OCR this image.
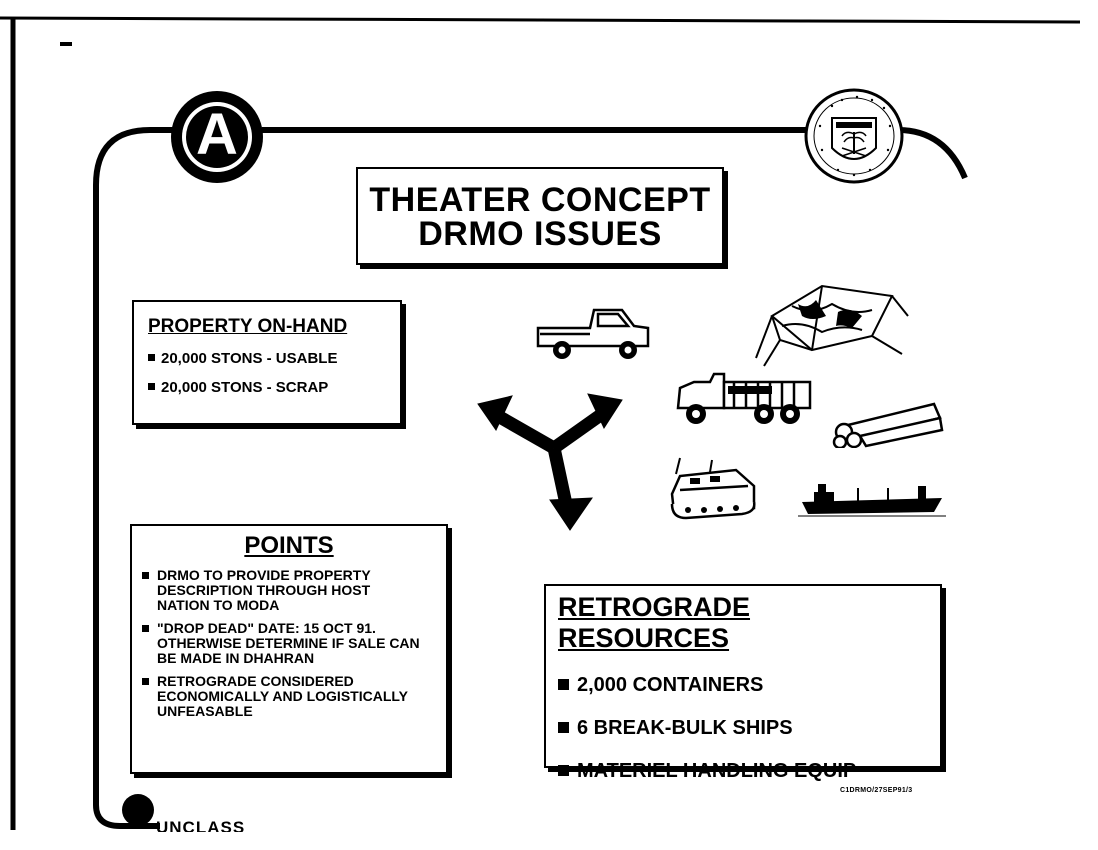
A
THEATER CONCEPT
DRMO ISSUES
PROPERTY ON-HAND
20,000 STONS - USABLE
20,000 STONS - SCRAP
POINTS
DRMO TO PROVIDE PROPERTY DESCRIPTION THROUGH HOST NATION TO MODA
"DROP DEAD" DATE: 15 OCT 91. OTHERWISE DETERMINE IF SALE CAN BE MADE IN DHAHRAN
RETROGRADE CONSIDERED ECONOMICALLY AND LOGISTICALLY UNFEASABLE
RETROGRADE RESOURCES
2,000 CONTAINERS
6 BREAK-BULK SHIPS
MATERIEL HANDLING EQUIP
C1DRMO/27SEP91/3
UNCLASS
